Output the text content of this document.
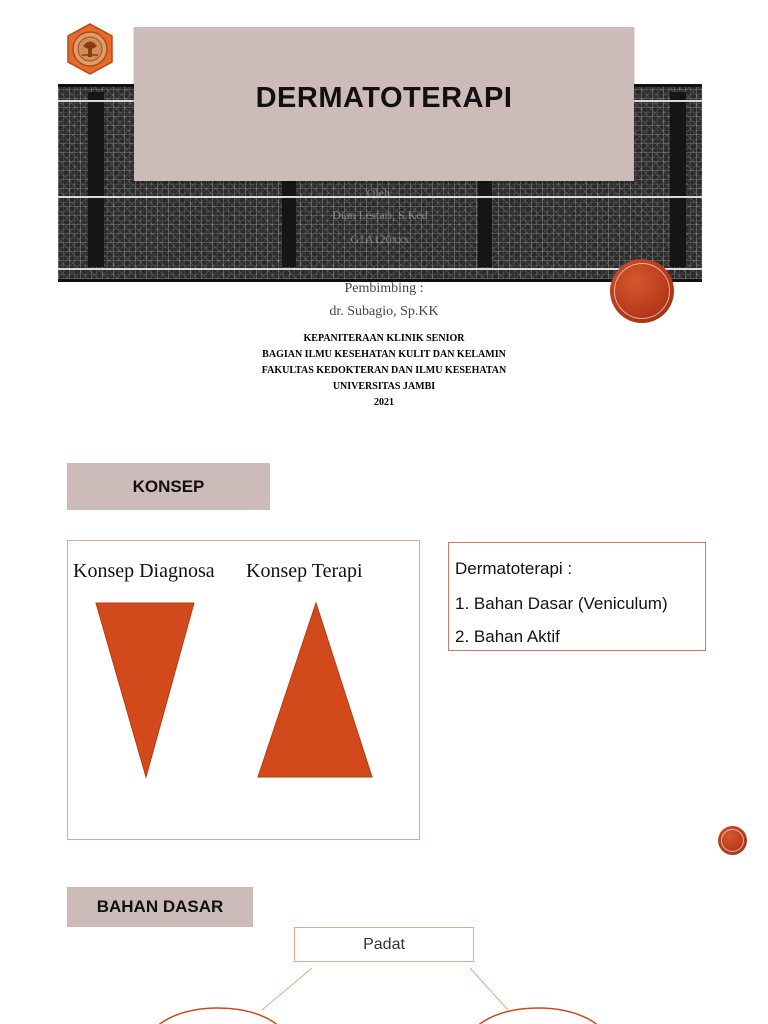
Oleh:
Dian Lestari, S.Ked
G1A120xxx
DERMATOTERAPI
Pembimbing :
dr. Subagio, Sp.KK
KEPANITERAAN KLINIK SENIOR
BAGIAN ILMU KESEHATAN KULIT DAN KELAMIN
FAKULTAS KEDOKTERAN DAN ILMU KESEHATAN
UNIVERSITAS JAMBI
2021
KONSEP
Konsep Diagnosa Konsep Terapi	Dermatoterapi :
1. Bahan Dasar (Veniculum)
2. Bahan Aktif
BAHAN DASAR
Padat
